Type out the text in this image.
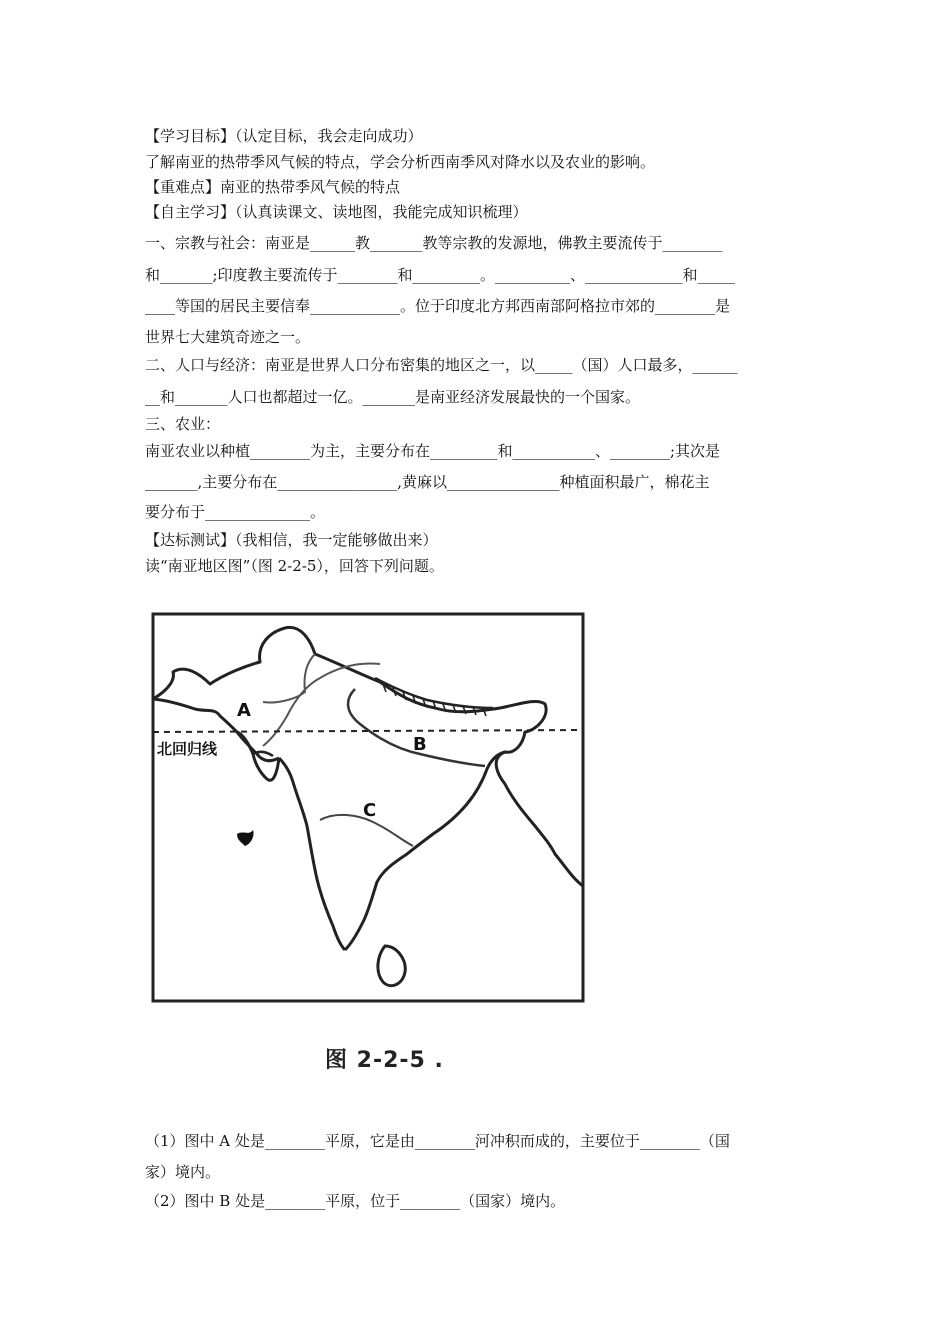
【学习目标】（认定目标，我会走向成功）
了解南亚的热带季风气候的特点，学会分析西南季风对降水以及农业的影响。
【重难点】南亚的热带季风气候的特点
【自主学习】（认真读课文、读地图，我能完成知识梳理）
一、宗教与社会：南亚是______教_______教等宗教的发源地，佛教主要流传于________
和_______;印度教主要流传于________和_________。__________、_____________和_____
____等国的居民主要信奉____________。位于印度北方邦西南部阿格拉市郊的________是
世界七大建筑奇迹之一。
二、人口与经济：南亚是世界人口分布密集的地区之一，以_____（国）人口最多，______
__和_______人口也都超过一亿。_______是南亚经济发展最快的一个国家。
三、农业：
南亚农业以种植________为主，主要分布在_________和___________、________;其次是
_______,主要分布在________________,黄麻以_______________种植面积最广，棉花主
要分布于______________。
【达标测试】（我相信，我一定能够做出来）
读“南亚地区图”（图 2-2-5），回答下列问题。
A
B
C
北回归线
图 2-2-5 .
（1）图中 A 处是________平原，它是由________河冲积而成的，主要位于________（国
家）境内。
（2）图中 B 处是________平原，位于________（国家）境内。
